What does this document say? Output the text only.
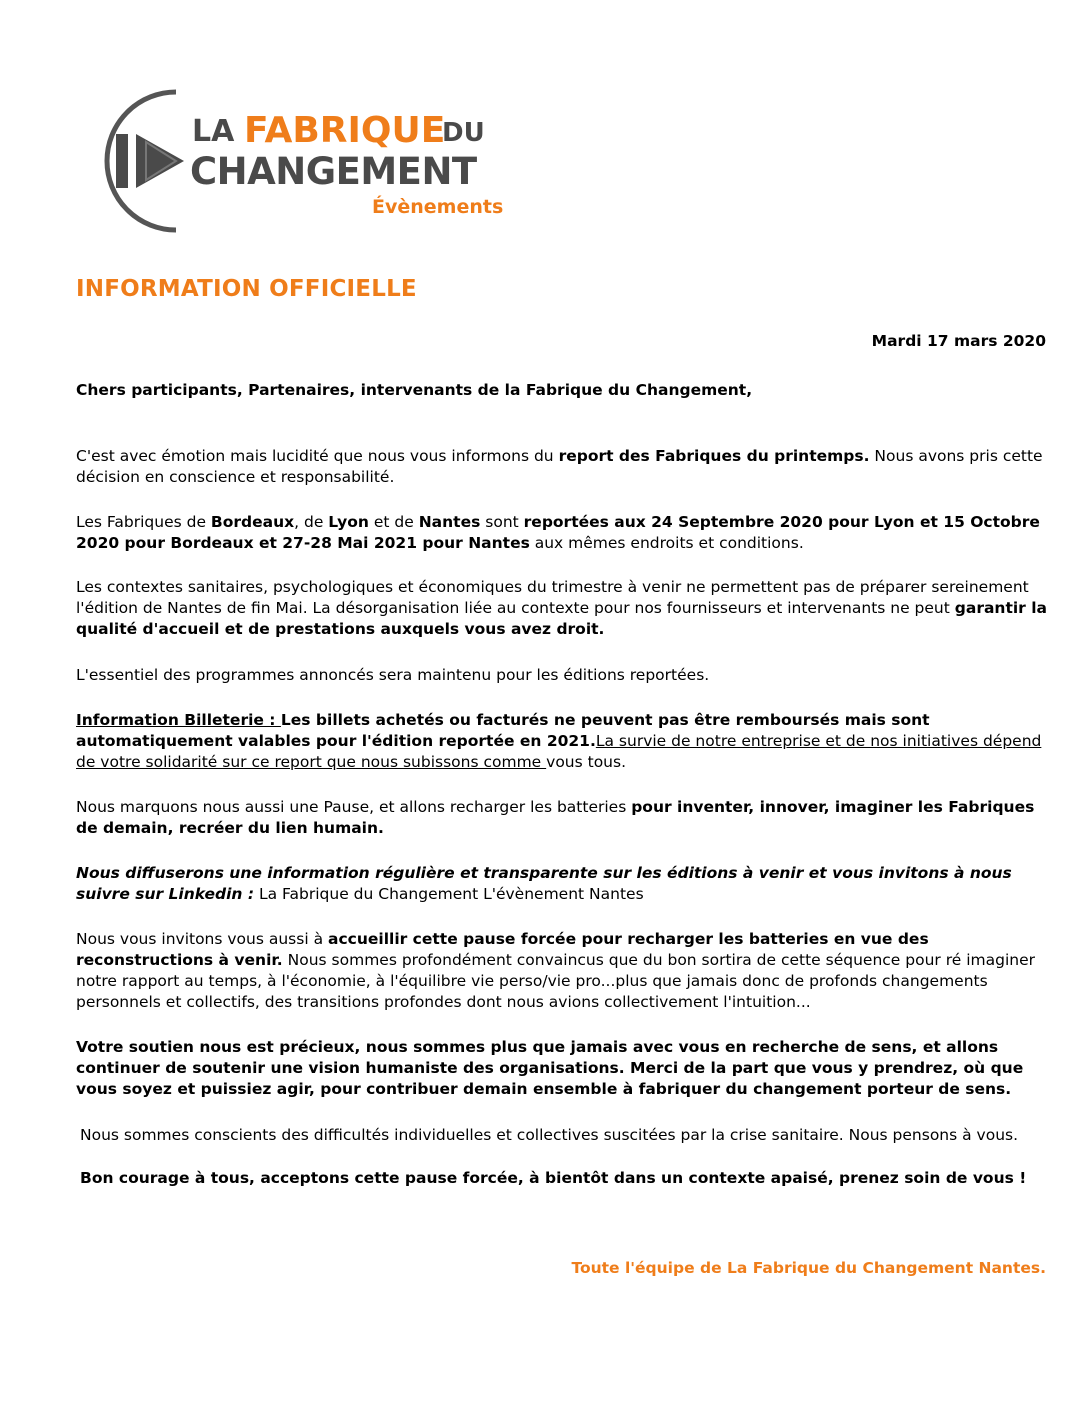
LA FABRIQUE
DU
CHANGEMENT
Évènements
INFORMATION OFFICIELLE
Mardi 17 mars 2020

Chers participants, Partenaires, intervenants de la Fabrique du Changement,

C'est avec émotion mais lucidité que nous vous informons du report des Fabriques du printemps. Nous avons pris cette décision en conscience et responsabilité.

Les Fabriques de Bordeaux, de Lyon et de Nantes sont reportées aux 24 Septembre 2020 pour Lyon et 15 Octobre 2020 pour Bordeaux et 27-28 Mai 2021 pour Nantes aux mêmes endroits et conditions.

Les contextes sanitaires, psychologiques et économiques du trimestre à venir ne permettent pas de préparer sereinement l'édition de Nantes de fin Mai. La désorganisation liée au contexte pour nos fournisseurs et intervenants ne peut garantir la qualité d'accueil et de prestations auxquels vous avez droit.

L'essentiel des programmes annoncés sera maintenu pour les éditions reportées.

Information Billeterie : Les billets achetés ou facturés ne peuvent pas être remboursés mais sont automatiquement valables pour l'édition reportée en 2021.La survie de notre entreprise et de nos initiatives dépend de votre solidarité sur ce report que nous subissons comme vous tous.

Nous marquons nous aussi une Pause, et allons recharger les batteries pour inventer, innover, imaginer les Fabriques de demain, recréer du lien humain.

Nous diffuserons une information régulière et transparente sur les éditions à venir et vous invitons à nous suivre sur Linkedin : La Fabrique du Changement L'évènement Nantes

Nous vous invitons vous aussi à accueillir cette pause forcée pour recharger les batteries en vue des reconstructions à venir. Nous sommes profondément convaincus que du bon sortira de cette séquence pour ré imaginer notre rapport au temps, à l'économie, à l'équilibre vie perso/vie pro...plus que jamais donc de profonds changements personnels et collectifs, des transitions profondes dont nous avions collectivement l'intuition...

Votre soutien nous est précieux, nous sommes plus que jamais avec vous en recherche de sens, et allons continuer de soutenir une vision humaniste des organisations. Merci de la part que vous y prendrez, où que vous soyez et puissiez agir, pour contribuer demain ensemble à fabriquer du changement porteur de sens.

Nous sommes conscients des difficultés individuelles et collectives suscitées par la crise sanitaire. Nous pensons à vous.

Bon courage à tous, acceptons cette pause forcée, à bientôt dans un contexte apaisé, prenez soin de vous !

Toute l'équipe de La Fabrique du Changement Nantes.
